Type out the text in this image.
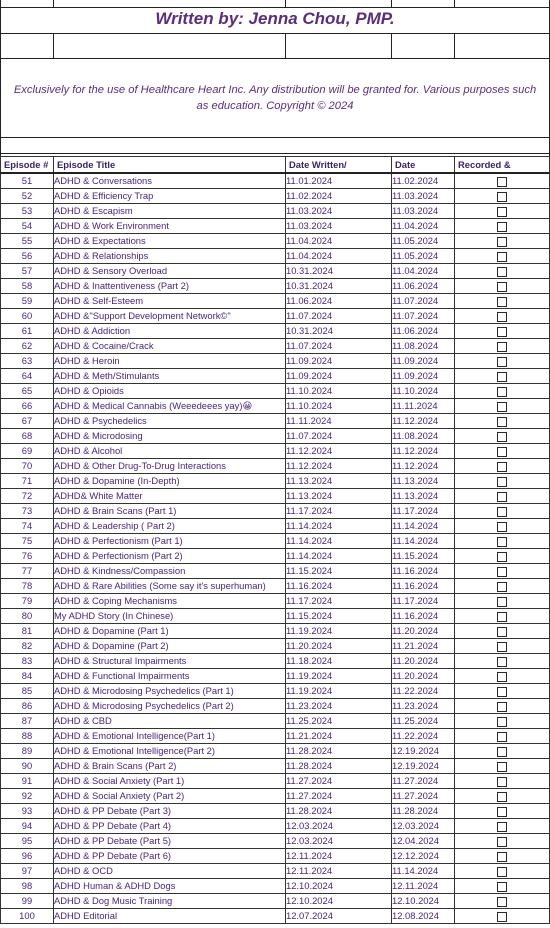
Written by: Jenna Chou, PMP.
Exclusively for the use of Healthcare Heart Inc. Any distribution will be granted for. Various purposes such as education. Copyright © 2024
Episode #	Episode Title	Date Written/	Date	Recorded &
51	ADHD & Conversations	11.01.2024	11.02.2024	
52	ADHD & Efficiency Trap	11.02.2024	11.03.2024	
53	ADHD & Escapism	11.03.2024	11.03.2024	
54	ADHD & Work Environment	11.03.2024	11.04.2024	
55	ADHD & Expectations	11.04.2024	11.05.2024	
56	ADHD & Relationships	11.04.2024	11.05.2024	
57	ADHD & Sensory Overload	10.31.2024	11.04.2024	
58	ADHD & Inattentiveness (Part 2)	10.31.2024	11.06.2024	
59	ADHD & Self-Esteem	11.06.2024	11.07.2024	
60	ADHD &"Support Development Network©"	11.07.2024	11.07.2024	
61	ADHD & Addiction	10.31.2024	11.06.2024	
62	ADHD & Cocaine/Crack	11.07.2024	11.08.2024	
63	ADHD & Heroin	11.09.2024	11.09.2024	
64	ADHD & Meth/Stimulants	11.09.2024	11.09.2024	
65	ADHD & Opioids	11.10.2024	11.10.2024	
66	ADHD & Medical Cannabis (Weeedeees yay)😀	11.10.2024	11.11.2024	
67	ADHD & Psychedelics	11.11.2024	11.12.2024	
68	ADHD & Microdosing	11.07.2024	11.08.2024	
69	ADHD & Alcohol	11.12.2024	11.12.2024	
70	ADHD & Other Drug-To-Drug Interactions	11.12.2024	11.12.2024	
71	ADHD & Dopamine (In-Depth)	11.13.2024	11.13.2024	
72	ADHD& White Matter	11.13.2024	11.13.2024	
73	ADHD & Brain Scans (Part 1)	11.17.2024	11.17.2024	
74	ADHD & Leadership ( Part 2)	11.14.2024	11.14.2024	
75	ADHD & Perfectionism (Part 1)	11.14.2024	11.14.2024	
76	ADHD & Perfectionism (Part 2)	11.14.2024	11.15.2024	
77	ADHD & Kindness/Compassion	11.15.2024	11.16.2024	
78	ADHD & Rare Abilities (Some say it's superhuman)	11.16.2024	11.16.2024	
79	ADHD & Coping Mechanisms	11.17.2024	11.17.2024	
80	My ADHD Story (In Chinese)	11.15.2024	11.16.2024	
81	ADHD & Dopamine (Part 1)	11.19.2024	11.20.2024	
82	ADHD & Dopamine (Part 2)	11.20.2024	11.21.2024	
83	ADHD & Structural Impairments	11.18.2024	11.20.2024	
84	ADHD & Functional Impairments	11.19.2024	11.20.2024	
85	ADHD & Microdosing Psychedelics (Part 1)	11.19.2024	11.22.2024	
86	ADHD & Microdosing Psychedelics (Part 2)	11.23.2024	11.23.2024	
87	ADHD & CBD	11.25.2024	11.25.2024	
88	ADHD & Emotional Intelligence(Part 1)	11.21.2024	11.22.2024	
89	ADHD & Emotional Intelligence(Part 2)	11.28.2024	12.19.2024	
90	ADHD & Brain Scans (Part 2)	11.28.2024	12.19.2024	
91	ADHD & Social Anxiety (Part 1)	11.27.2024	11.27.2024	
92	ADHD & Social Anxiety (Part 2)	11.27.2024	11.27.2024	
93	ADHD & PP Debate (Part 3)	11.28.2024	11.28.2024	
94	ADHD & PP Debate (Part 4)	12.03.2024	12.03.2024	
95	ADHD & PP Debate (Part 5)	12.03.2024	12.04.2024	
96	ADHD & PP Debate (Part 6)	12.11.2024	12.12.2024	
97	ADHD & OCD	12.11.2024	11.14.2024	
98	ADHD Human & ADHD Dogs	12.10.2024	12.11.2024	
99	ADHD & Dog Music Training	12.10.2024	12.10.2024	
100	ADHD Editorial	12.07.2024	12.08.2024	
